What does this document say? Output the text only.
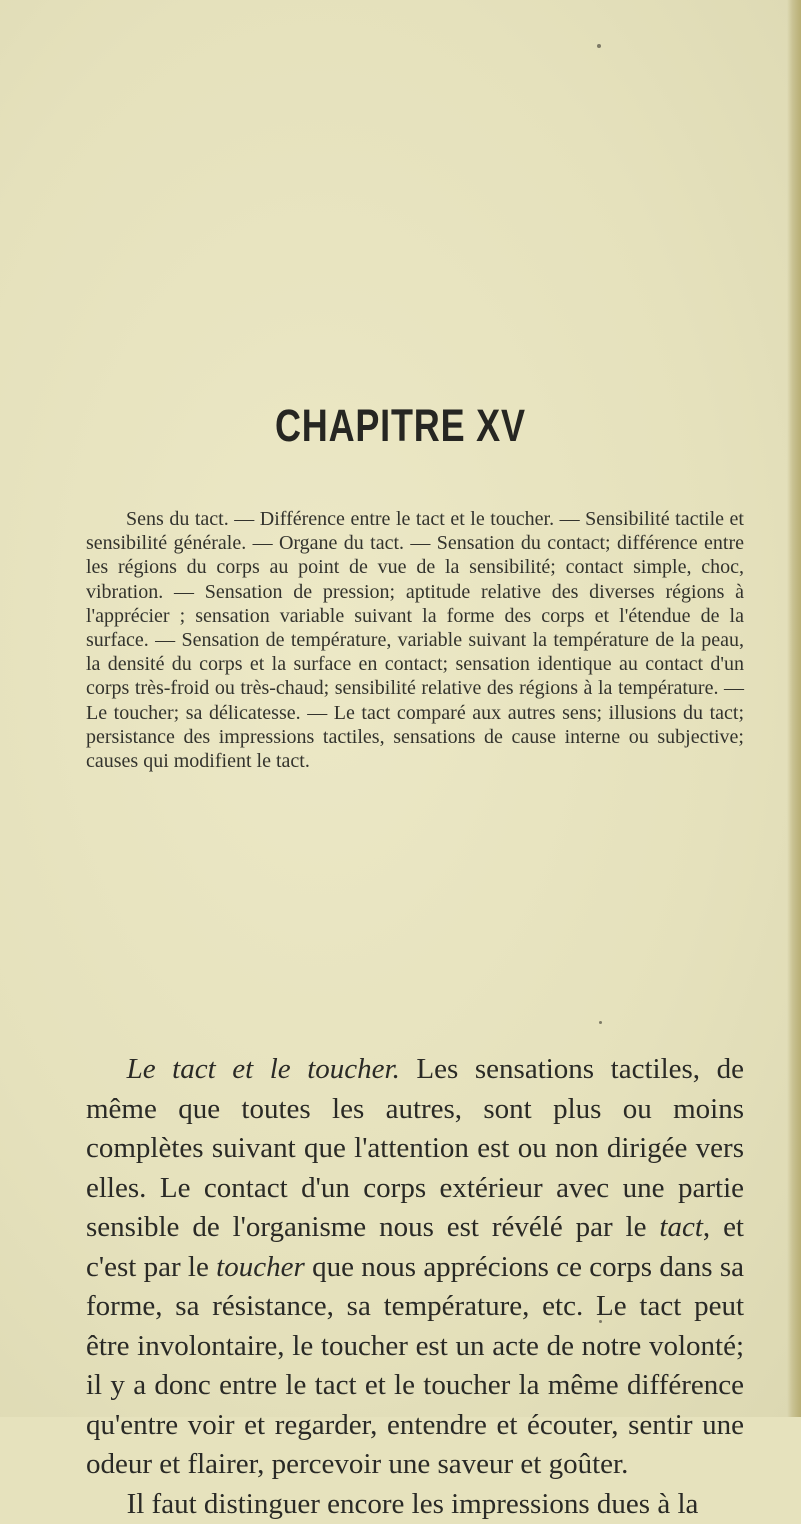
CHAPITRE XV

Sens du tact. — Différence entre le tact et le toucher. — Sensibilité tactile et sensibilité générale. — Organe du tact. — Sensation du contact; différence entre les régions du corps au point de vue de la sensibilité; contact simple, choc, vibration. — Sensation de pression; aptitude relative des diverses régions à l'apprécier ; sensation variable suivant la forme des corps et l'étendue de la surface. — Sensation de température, variable suivant la température de la peau, la densité du corps et la surface en contact; sensation identique au contact d'un corps très-froid ou très-chaud; sensibilité relative des régions à la température. — Le toucher; sa délicatesse. — Le tact comparé aux autres sens; illusions du tact; persistance des impressions tactiles, sensations de cause interne ou subjective; causes qui modifient le tact.

Le tact et le toucher. Les sensations tactiles, de même que toutes les autres, sont plus ou moins complètes suivant que l'attention est ou non dirigée vers elles. Le contact d'un corps extérieur avec une partie sensible de l'organisme nous est révélé par le tact, et c'est par le toucher que nous apprécions ce corps dans sa forme, sa résistance, sa température, etc. Le tact peut être involontaire, le toucher est un acte de notre volonté; il y a donc entre le tact et le toucher la même différence qu'entre voir et regarder, entendre et écouter, sentir une odeur et flairer, percevoir une saveur et goûter.
Il faut distinguer encore les impressions dues à la
